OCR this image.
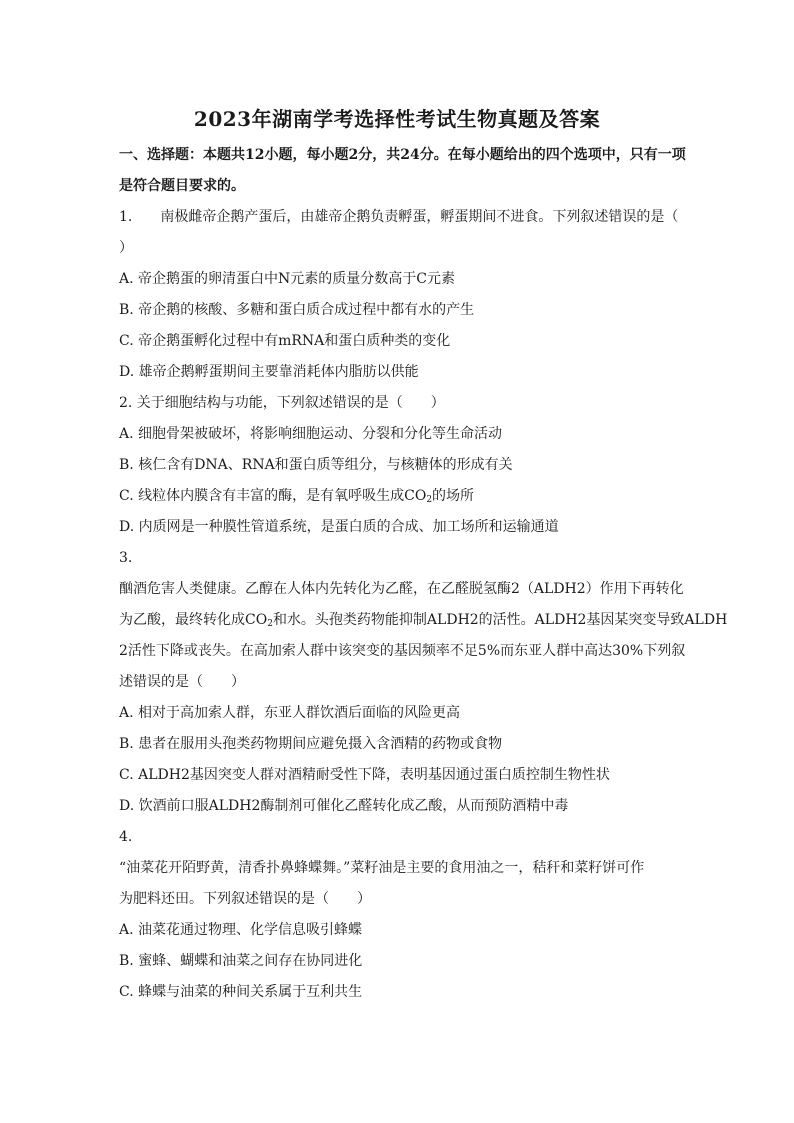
2023年湖南学考选择性考试生物真题及答案
一、选择题：本题共12小题，每小题2分，共24分。在每小题给出的四个选项中，只有一项
是符合题目要求的。
1.　　南极雌帝企鹅产蛋后，由雄帝企鹅负责孵蛋，孵蛋期间不进食。下列叙述错误的是（
）
A. 帝企鹅蛋的卵清蛋白中N元素的质量分数高于C元素
B. 帝企鹅的核酸、多糖和蛋白质合成过程中都有水的产生
C. 帝企鹅蛋孵化过程中有mRNA和蛋白质种类的变化
D. 雄帝企鹅孵蛋期间主要靠消耗体内脂肪以供能
2. 关于细胞结构与功能，下列叙述错误的是（　　）
A. 细胞骨架被破坏，将影响细胞运动、分裂和分化等生命活动
B. 核仁含有DNA、RNA和蛋白质等组分，与核糖体的形成有关
C. 线粒体内膜含有丰富的酶，是有氧呼吸生成$CO_2$的场所
D. 内质网是一种膜性管道系统，是蛋白质的合成、加工场所和运输通道
3.
酗酒危害人类健康。乙醇在人体内先转化为乙醛，在乙醛脱氢酶2（ALDH2）作用下再转化
为乙酸，最终转化成$CO_2$和水。头孢类药物能抑制ALDH2的活性。ALDH2基因某突变导致ALDH
2活性下降或丧失。在高加索人群中该突变的基因频率不足5%而东亚人群中高达30%下列叙
述错误的是（　　）
A. 相对于高加索人群，东亚人群饮酒后面临的风险更高
B. 患者在服用头孢类药物期间应避免摄入含酒精的药物或食物
C. ALDH2基因突变人群对酒精耐受性下降，表明基因通过蛋白质控制生物性状
D. 饮酒前口服ALDH2酶制剂可催化乙醛转化成乙酸，从而预防酒精中毒
4.
“油菜花开陌野黄，清香扑鼻蜂蝶舞。”菜籽油是主要的食用油之一，秸秆和菜籽饼可作
为肥料还田。下列叙述错误的是（　　）
A. 油菜花通过物理、化学信息吸引蜂蝶
B. 蜜蜂、蝴蝶和油菜之间存在协同进化
C. 蜂蝶与油菜的种间关系属于互利共生
